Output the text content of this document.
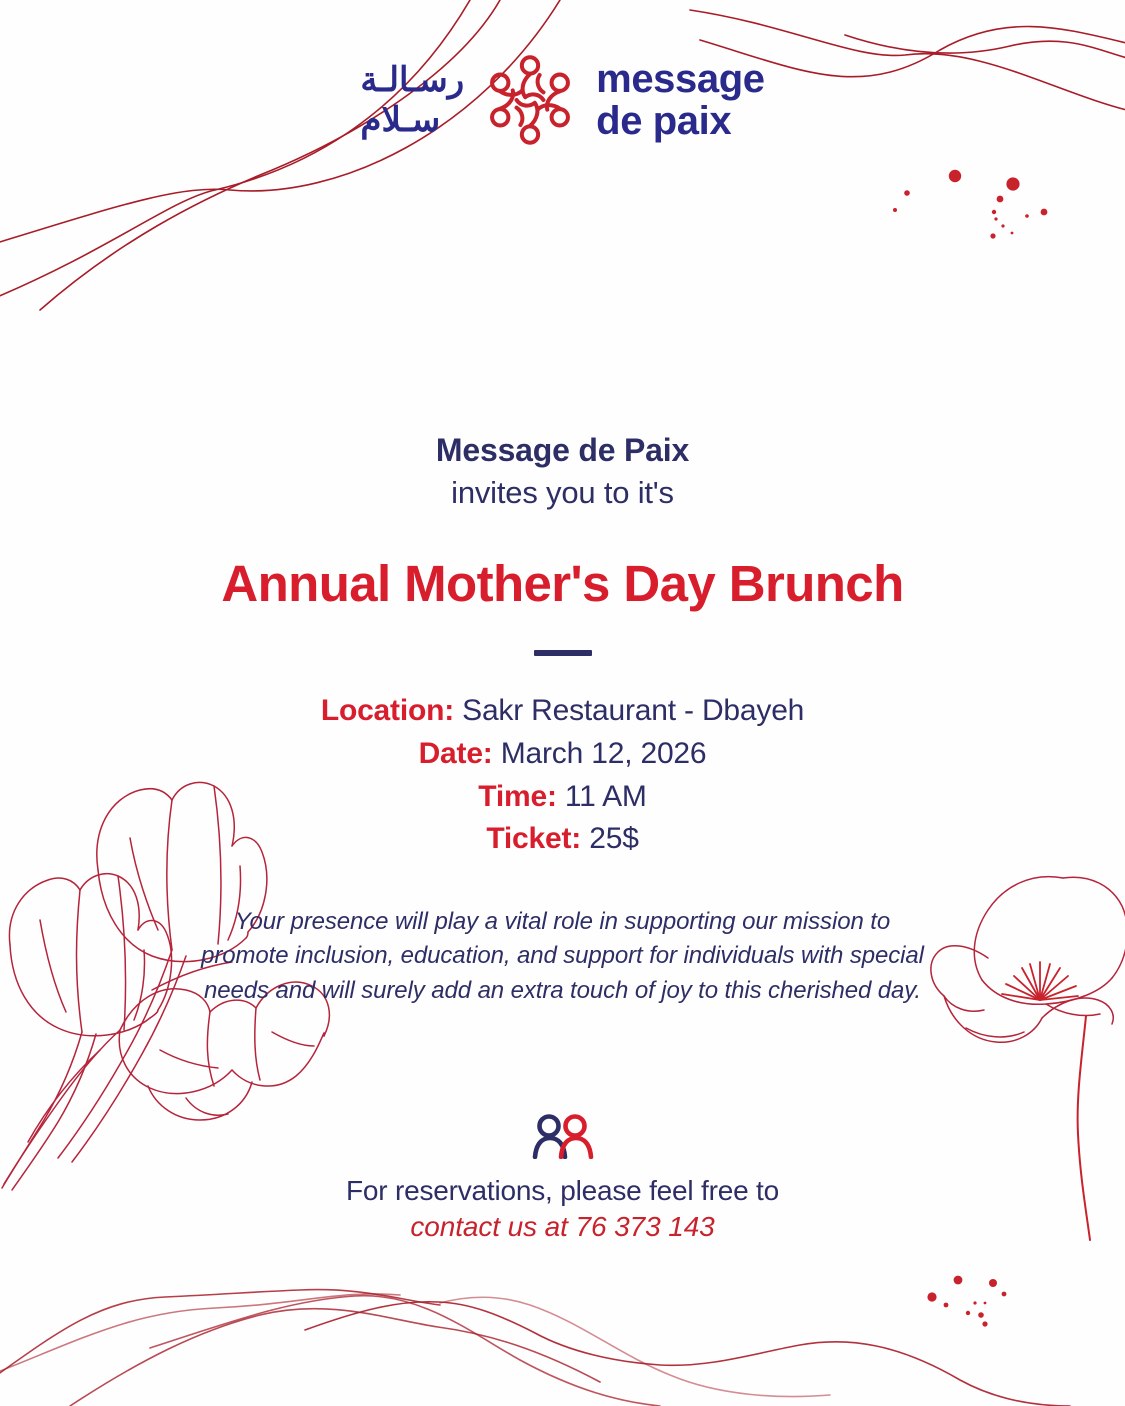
رسـالـة
سـلام
message
de paix
Message de Paix
invites you to it's
Annual Mother's Day Brunch
Location: Sakr Restaurant - Dbayeh
Date: March 12, 2026
Time: 11 AM
Ticket: 25$

Your presence will play a vital role in supporting our mission to promote inclusion, education, and support for individuals with special needs and will surely add an extra touch of joy to this cherished day.

For reservations, please feel free to
contact us at 76 373 143
